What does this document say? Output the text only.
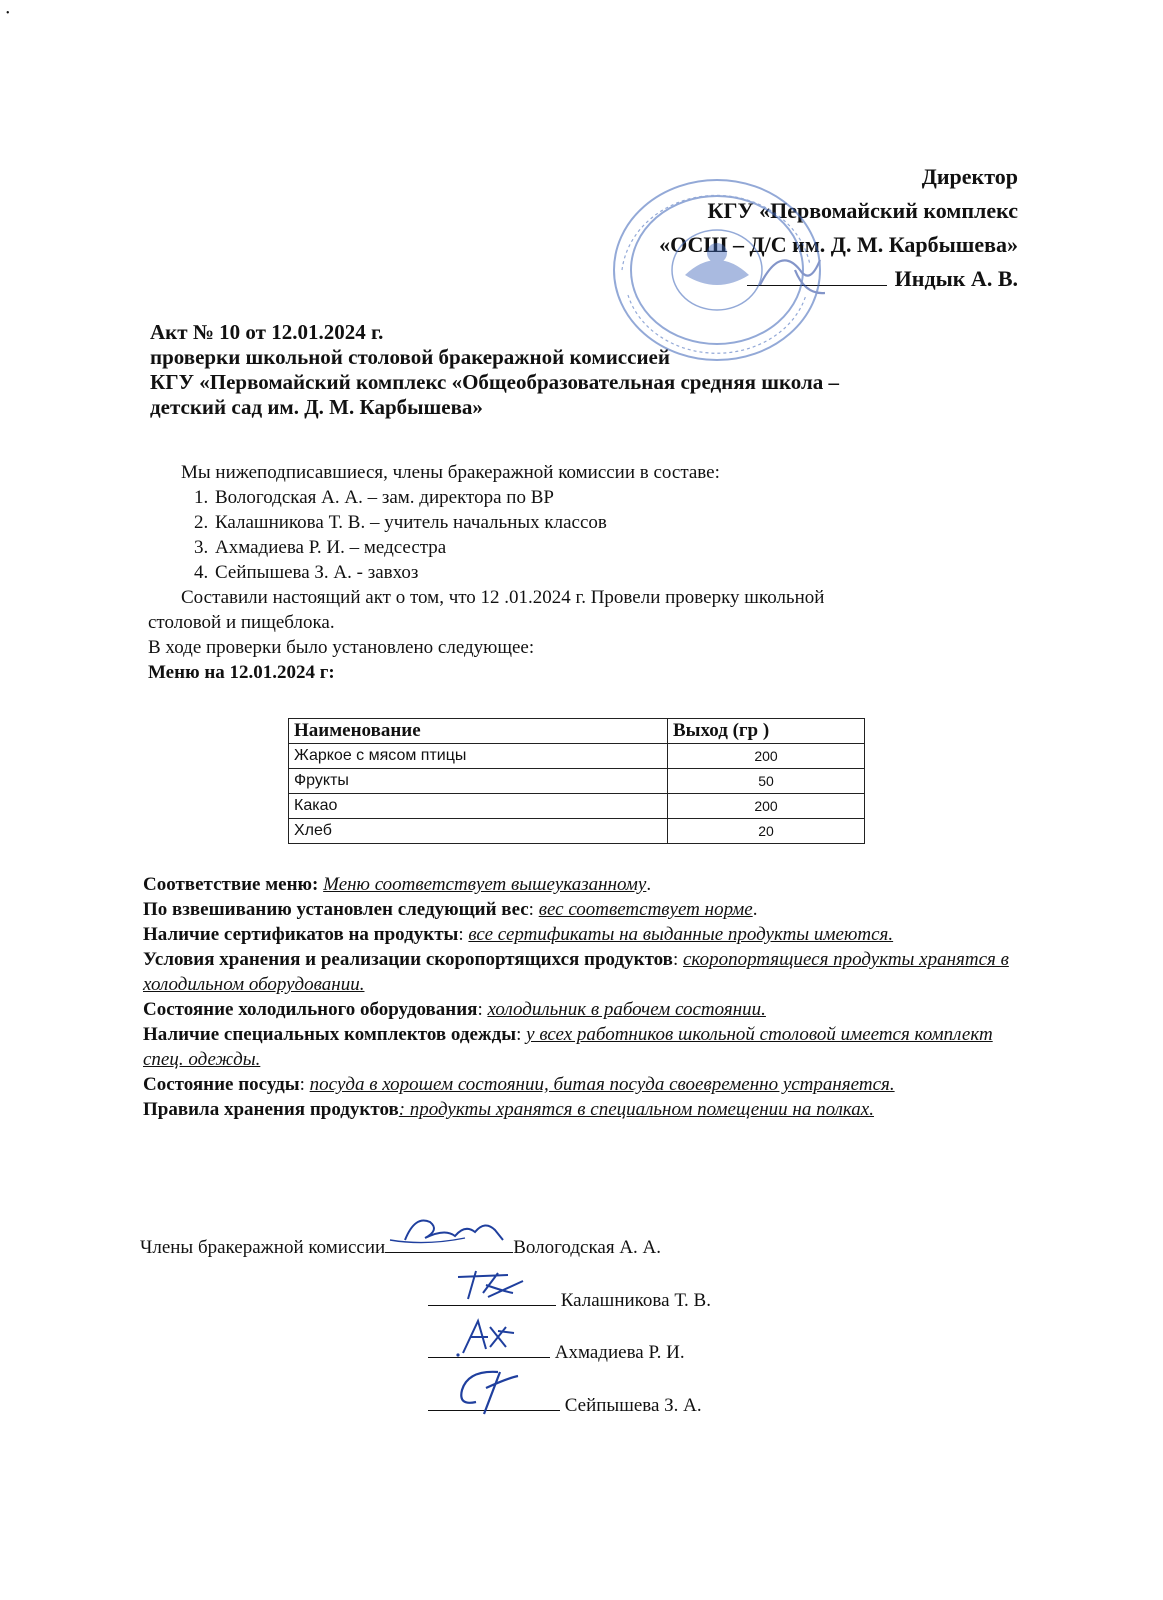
•
Директор
КГУ «Первомайский комплекс
«ОСШ – Д/С им. Д. М. Карбышева»
Индык А. В.
Акт № 10 от 12.01.2024 г.
проверки школьной столовой бракеражной комиссией
КГУ «Первомайский комплекс «Общеобразовательная средняя школа –
детский сад им. Д. М. Карбышева»
Мы нижеподписавшиеся, члены бракеражной комиссии в составе:
1. Вологодская А. А. – зам. директора по ВР
2. Калашникова Т. В. – учитель начальных классов
3. Ахмадиева Р. И. – медсестра
4. Сейпышева З. А. - завхоз
Составили настоящий акт о том, что 12 .01.2024 г. Провели проверку школьной
столовой и пищеблока.
В ходе проверки было установлено следующее:
Меню на 12.01.2024 г:
Наименование	Выход (гр )
Жаркое с мясом птицы	200
Фрукты	50
Какао	200
Хлеб	20

Соответствие меню: Меню соответствует вышеуказанному.

По взвешиванию установлен следующий вес: вес соответствует норме.

Наличие сертификатов на продукты: все сертификаты на выданные продукты имеются.

Условия хранения и реализации скоропортящихся продуктов: скоропортящиеся продукты хранятся в холодильном оборудовании.

Состояние холодильного оборудования: холодильник в рабочем состоянии.

Наличие специальных комплектов одежды: у всех работников школьной столовой имеется комплект спец. одежды.

Состояние посуды: посуда в хорошем состоянии, битая посуда своевременно устраняется.

Правила хранения продуктов: продукты хранятся в специальном помещении на полках.

Члены бракеражной комиссии	Вологодская А. А.
Калашникова Т. В.
Ахмадиева Р. И.
Сейпышева З. А.
